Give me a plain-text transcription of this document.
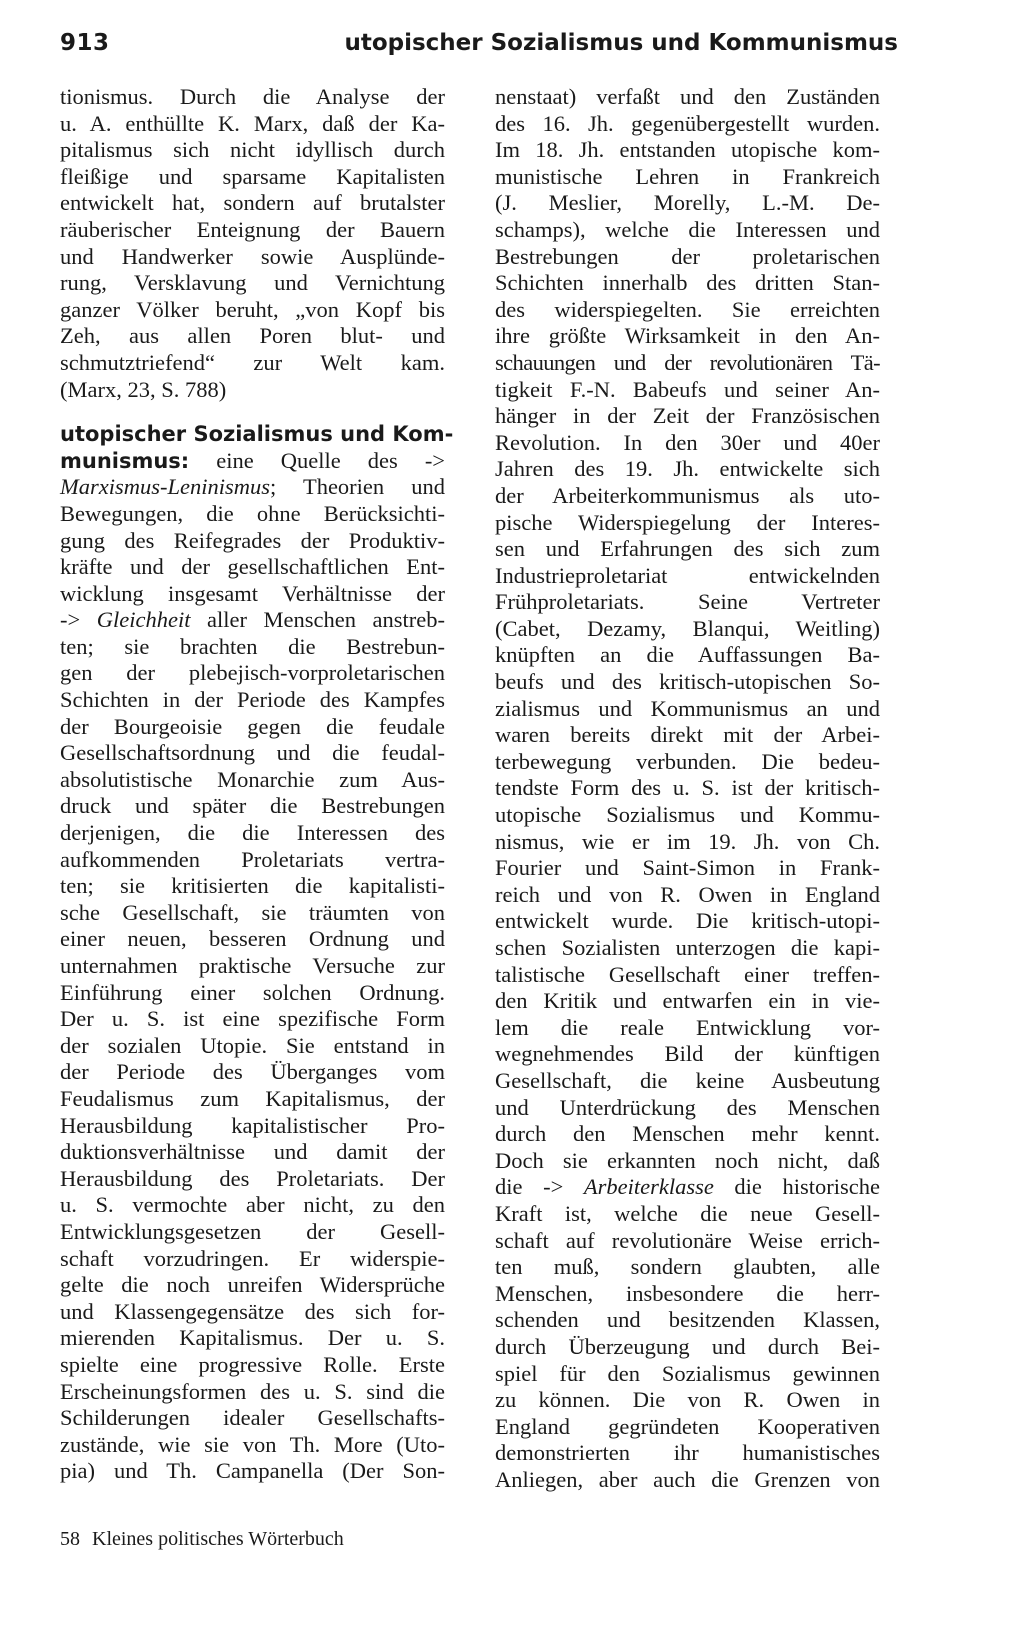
913	utopischer Sozialismus und Kommunismus
tionismus. Durch die Analyse der
u. A. enthüllte K. Marx, daß der Ka-
pitalismus sich nicht idyllisch durch
fleißige und sparsame Kapitalisten
entwickelt hat, sondern auf brutalster
räuberischer Enteignung der Bauern
und Handwerker sowie Ausplünde-
rung, Versklavung und Vernichtung
ganzer Völker beruht, „von Kopf bis
Zeh, aus allen Poren blut- und
schmutztriefend“ zur Welt kam.
(Marx, 23, S. 788)
utopischer Sozialismus und Kom-
munismus: eine Quelle des ->
Marxismus-Leninismus; Theorien und
Bewegungen, die ohne Berücksichti-
gung des Reifegrades der Produktiv-
kräfte und der gesellschaftlichen Ent-
wicklung insgesamt Verhältnisse der
-> Gleichheit aller Menschen anstreb-
ten; sie brachten die Bestrebun-
gen der plebejisch-vorproletarischen
Schichten in der Periode des Kampfes
der Bourgeoisie gegen die feudale
Gesellschaftsordnung und die feudal-
absolutistische Monarchie zum Aus-
druck und später die Bestrebungen
derjenigen, die die Interessen des
aufkommenden Proletariats vertra-
ten; sie kritisierten die kapitalisti-
sche Gesellschaft, sie träumten von
einer neuen, besseren Ordnung und
unternahmen praktische Versuche zur
Einführung einer solchen Ordnung.
Der u. S. ist eine spezifische Form
der sozialen Utopie. Sie entstand in
der Periode des Überganges vom
Feudalismus zum Kapitalismus, der
Herausbildung kapitalistischer Pro-
duktionsverhältnisse und damit der
Herausbildung des Proletariats. Der
u. S. vermochte aber nicht, zu den
Entwicklungsgesetzen der Gesell-
schaft vorzudringen. Er widerspie-
gelte die noch unreifen Widersprüche
und Klassengegensätze des sich for-
mierenden Kapitalismus. Der u. S.
spielte eine progressive Rolle. Erste
Erscheinungsformen des u. S. sind die
Schilderungen idealer Gesellschafts-
zustände, wie sie von Th. More (Uto-
pia) und Th. Campanella (Der Son-
nenstaat) verfaßt und den Zuständen
des 16. Jh. gegenübergestellt wurden.
Im 18. Jh. entstanden utopische kom-
munistische Lehren in Frankreich
(J. Meslier, Morelly, L.-M. De-
schamps), welche die Interessen und
Bestrebungen der proletarischen
Schichten innerhalb des dritten Stan-
des widerspiegelten. Sie erreichten
ihre größte Wirksamkeit in den An-
schauungen und der revolutionären Tä-
tigkeit F.-N. Babeufs und seiner An-
hänger in der Zeit der Französischen
Revolution. In den 30er und 40er
Jahren des 19. Jh. entwickelte sich
der Arbeiterkommunismus als uto-
pische Widerspiegelung der Interes-
sen und Erfahrungen des sich zum
Industrieproletariat entwickelnden
Frühproletariats. Seine Vertreter
(Cabet, Dezamy, Blanqui, Weitling)
knüpften an die Auffassungen Ba-
beufs und des kritisch-utopischen So-
zialismus und Kommunismus an und
waren bereits direkt mit der Arbei-
terbewegung verbunden. Die bedeu-
tendste Form des u. S. ist der kritisch-
utopische Sozialismus und Kommu-
nismus, wie er im 19. Jh. von Ch.
Fourier und Saint-Simon in Frank-
reich und von R. Owen in England
entwickelt wurde. Die kritisch-utopi-
schen Sozialisten unterzogen die kapi-
talistische Gesellschaft einer treffen-
den Kritik und entwarfen ein in vie-
lem die reale Entwicklung vor-
wegnehmendes Bild der künftigen
Gesellschaft, die keine Ausbeutung
und Unterdrückung des Menschen
durch den Menschen mehr kennt.
Doch sie erkannten noch nicht, daß
die -> Arbeiterklasse die historische
Kraft ist, welche die neue Gesell-
schaft auf revolutionäre Weise errich-
ten muß, sondern glaubten, alle
Menschen, insbesondere die herr-
schenden und besitzenden Klassen,
durch Überzeugung und durch Bei-
spiel für den Sozialismus gewinnen
zu können. Die von R. Owen in
England gegründeten Kooperativen
demonstrierten ihr humanistisches
Anliegen, aber auch die Grenzen von
58 Kleines politisches Wörterbuch
